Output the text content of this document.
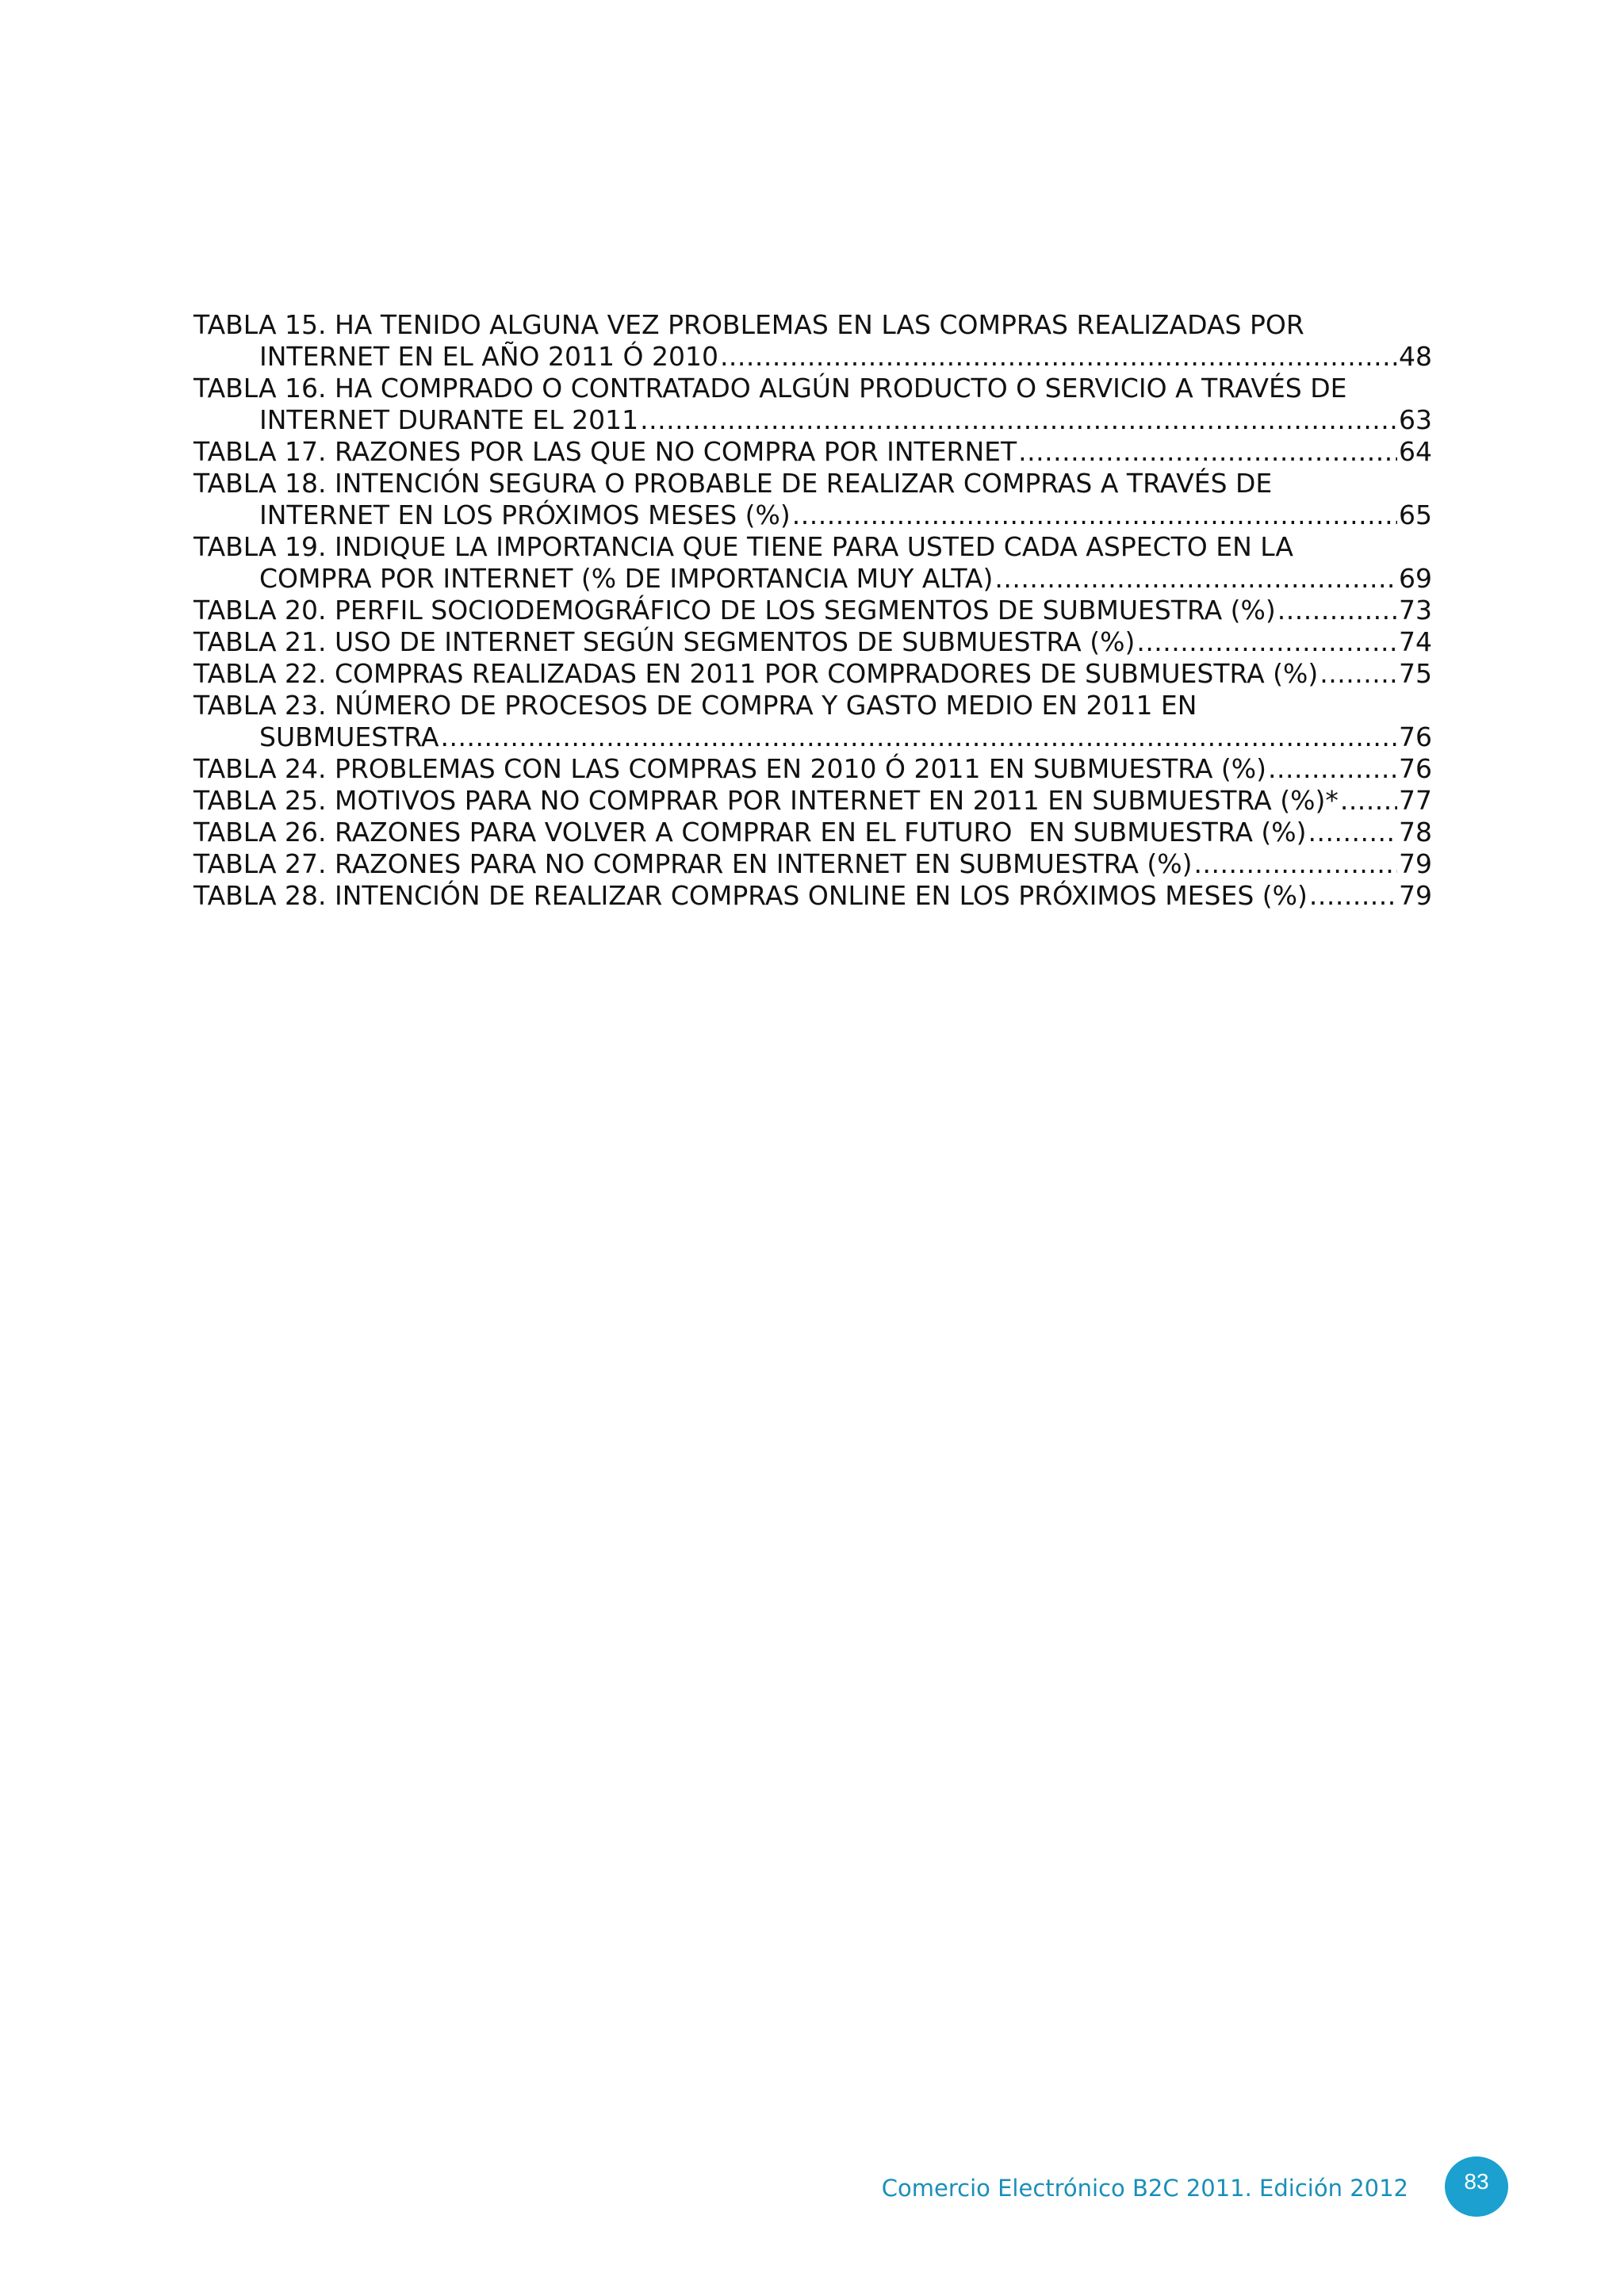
TABLA 15. HA TENIDO ALGUNA VEZ PROBLEMAS EN LAS COMPRAS REALIZADAS POR
INTERNET EN EL AÑO 2011 Ó 2010 .....	48
TABLA 16. HA COMPRADO O CONTRATADO ALGÚN PRODUCTO O SERVICIO A TRAVÉS DE
INTERNET DURANTE EL 2011 .....	63
TABLA 17. RAZONES POR LAS QUE NO COMPRA POR INTERNET .....	64
TABLA 18. INTENCIÓN SEGURA O PROBABLE DE REALIZAR COMPRAS A TRAVÉS DE
INTERNET EN LOS PRÓXIMOS MESES (%) .....	65
TABLA 19. INDIQUE LA IMPORTANCIA QUE TIENE PARA USTED CADA ASPECTO EN LA
COMPRA POR INTERNET (% DE IMPORTANCIA MUY ALTA) .....	69
TABLA 20. PERFIL SOCIODEMOGRÁFICO DE LOS SEGMENTOS DE SUBMUESTRA (%) .....	73
TABLA 21. USO DE INTERNET SEGÚN SEGMENTOS DE SUBMUESTRA (%) .....	74
TABLA 22. COMPRAS REALIZADAS EN 2011 POR COMPRADORES DE SUBMUESTRA (%) .....	75
TABLA 23. NÚMERO DE PROCESOS DE COMPRA Y GASTO MEDIO EN 2011 EN
SUBMUESTRA .....	76
TABLA 24. PROBLEMAS CON LAS COMPRAS EN 2010 Ó 2011 EN SUBMUESTRA (%) .....	76
TABLA 25. MOTIVOS PARA NO COMPRAR POR INTERNET EN 2011 EN SUBMUESTRA (%)* ..... 77
TABLA 26. RAZONES PARA VOLVER A COMPRAR EN EL FUTURO  EN SUBMUESTRA (%) .....	78
TABLA 27. RAZONES PARA NO COMPRAR EN INTERNET EN SUBMUESTRA (%) .....	79
TABLA 28. INTENCIÓN DE REALIZAR COMPRAS ONLINE EN LOS PRÓXIMOS MESES (%) .....	79
Comercio Electrónico B2C 2011. Edición 2012	83
